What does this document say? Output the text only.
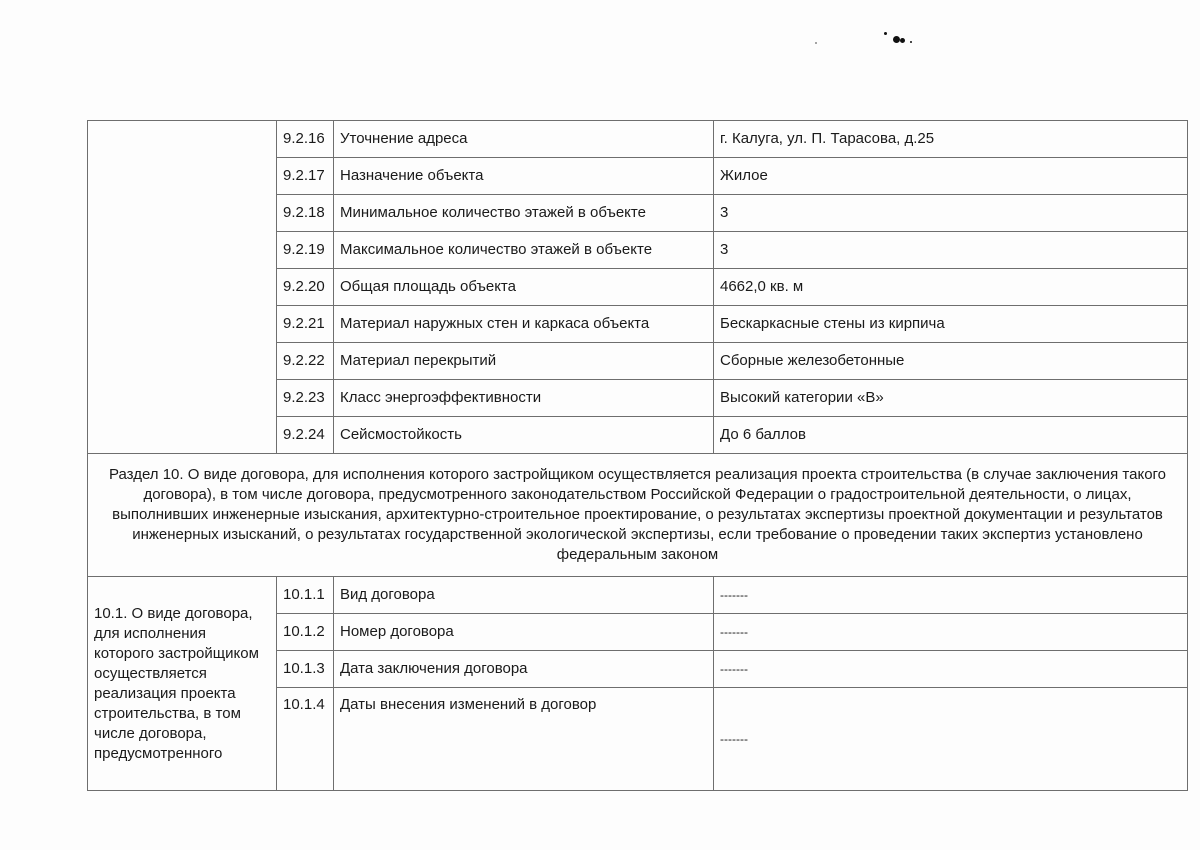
	9.2.16	Уточнение адреса	г. Калуга, ул. П. Тарасова, д.25
	9.2.17	Назначение объекта	Жилое
	9.2.18	Минимальное количество этажей в объекте	3
	9.2.19	Максимальное количество этажей в объекте	3
	9.2.20	Общая площадь объекта	4662,0 кв. м
	9.2.21	Материал наружных стен и каркаса объекта	Бескаркасные стены из кирпича
	9.2.22	Материал перекрытий	Сборные железобетонные
	9.2.23	Класс энергоэффективности	Высокий категории «В»
	9.2.24	Сейсмостойкость	До 6 баллов
Раздел 10. О виде договора, для исполнения которого застройщиком осуществляется реализация проекта строительства (в случае заключения такого договора), в том числе договора, предусмотренного законодательством Российской Федерации о градостроительной деятельности, о лицах, выполнивших инженерные изыскания, архитектурно-строительное проектирование, о результатах экспертизы проектной документации и результатов инженерных изысканий, о результатах государственной экологической экспертизы, если требование о проведении таких экспертиз установлено федеральным законом			
10.1. О виде договора, для исполнения которого застройщиком осуществляется реализация проекта строительства, в том числе договора, предусмотренного	10.1.1	Вид договора	-------
	10.1.2	Номер договора	-------
	10.1.3	Дата заключения договора	-------
	10.1.4	Даты внесения изменений в договор	-------
